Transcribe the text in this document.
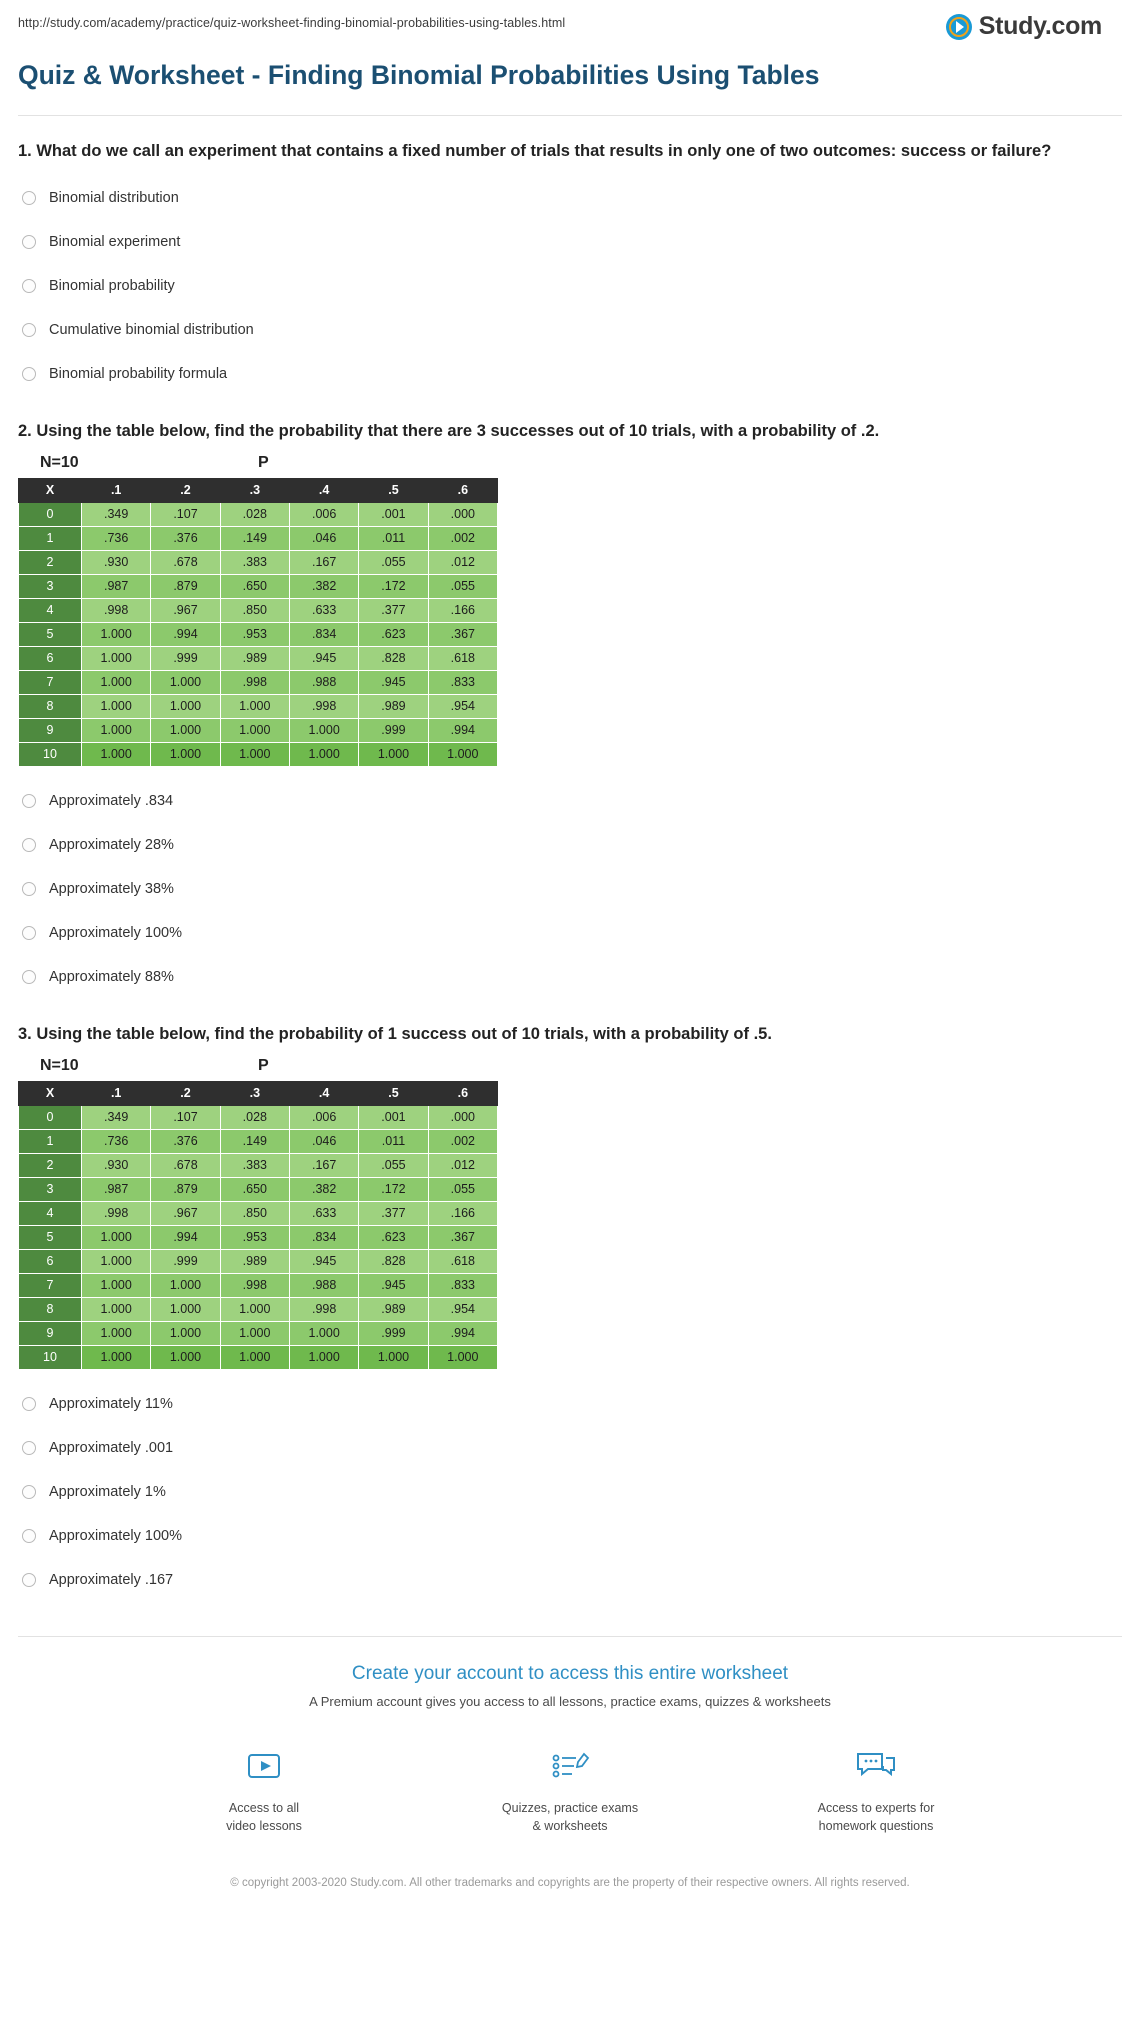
http://study.com/academy/practice/quiz-worksheet-finding-binomial-probabilities-using-tables.html	Study.com
Quiz & Worksheet - Finding Binomial Probabilities Using Tables
1. What do we call an experiment that contains a fixed number of trials that results in only one of two outcomes: success or failure?
Binomial distribution
Binomial experiment
Binomial probability
Cumulative binomial distribution
Binomial probability formula
2. Using the table below, find the probability that there are 3 successes out of 10 trials, with a probability of .2.
N=10	P
X	.1	.2	.3	.4	.5	.6
0	.349	.107	.028	.006	.001	.000
1	.736	.376	.149	.046	.011	.002
2	.930	.678	.383	.167	.055	.012
3	.987	.879	.650	.382	.172	.055
4	.998	.967	.850	.633	.377	.166
5	1.000	.994	.953	.834	.623	.367
6	1.000	.999	.989	.945	.828	.618
7	1.000	1.000	.998	.988	.945	.833
8	1.000	1.000	1.000	.998	.989	.954
9	1.000	1.000	1.000	1.000	.999	.994
10	1.000	1.000	1.000	1.000	1.000	1.000
Approximately .834
Approximately 28%
Approximately 38%
Approximately 100%
Approximately 88%
3. Using the table below, find the probability of 1 success out of 10 trials, with a probability of .5.
N=10	P
X	.1	.2	.3	.4	.5	.6
0	.349	.107	.028	.006	.001	.000
1	.736	.376	.149	.046	.011	.002
2	.930	.678	.383	.167	.055	.012
3	.987	.879	.650	.382	.172	.055
4	.998	.967	.850	.633	.377	.166
5	1.000	.994	.953	.834	.623	.367
6	1.000	.999	.989	.945	.828	.618
7	1.000	1.000	.998	.988	.945	.833
8	1.000	1.000	1.000	.998	.989	.954
9	1.000	1.000	1.000	1.000	.999	.994
10	1.000	1.000	1.000	1.000	1.000	1.000
Approximately 11%
Approximately .001
Approximately 1%
Approximately 100%
Approximately .167
Create your account to access this entire worksheet
A Premium account gives you access to all lessons, practice exams, quizzes & worksheets
Access to all
video lessons
Quizzes, practice exams
& worksheets
Access to experts for
homework questions
© copyright 2003-2020 Study.com. All other trademarks and copyrights are the property of their respective owners. All rights reserved.
